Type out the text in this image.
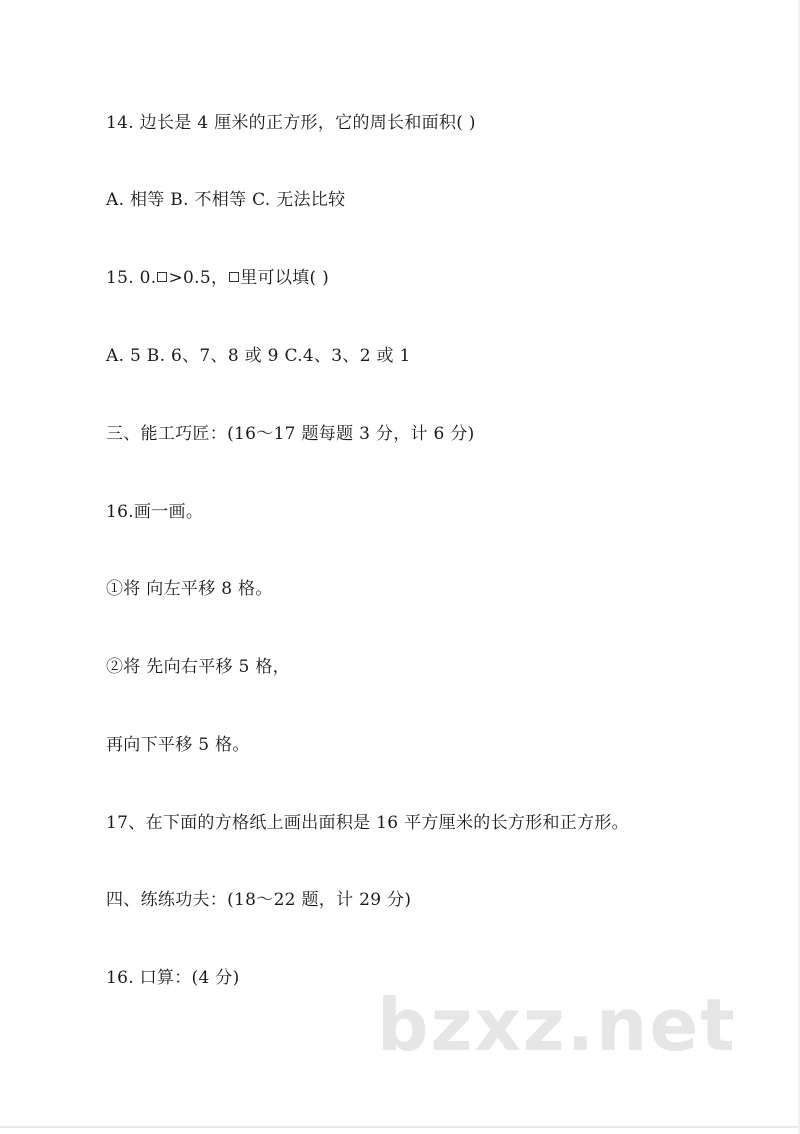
14. 边长是 4 厘米的正方形，它的周长和面积( )
A. 相等 B. 不相等 C. 无法比较
15. 0. >0.5， 里可以填( )
A. 5 B. 6、7、8 或 9 C.4、3、2 或 1
三、能工巧匠：(16～17 题每题 3 分，计 6 分)
16.画一画。
①将 向左平移 8 格。
②将 先向右平移 5 格，
再向下平移 5 格。
17、在下面的方格纸上画出面积是 16 平方厘米的长方形和正方形。
四、练练功夫：(18～22 题，计 29 分)
16. 口算：(4 分)
bzxz.net
